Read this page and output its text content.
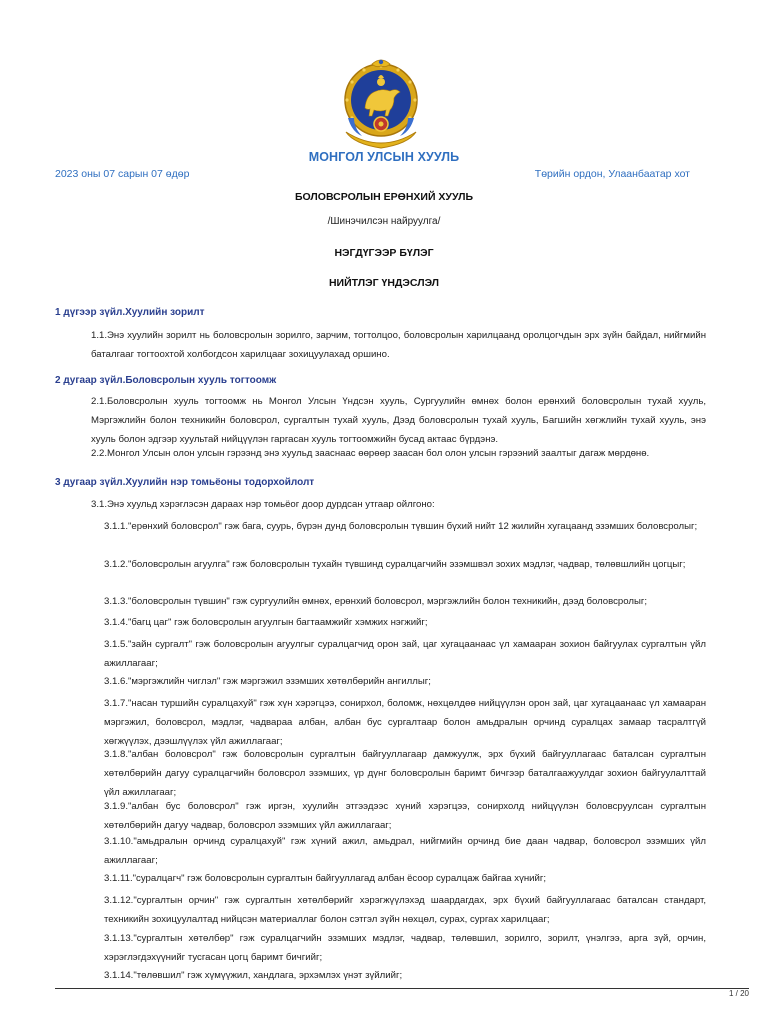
МОНГОЛ УЛСЫН ХУУЛЬ
2023 оны 07 сарын 07 өдөр	Төрийн ордон, Улаанбаатар хот
БОЛОВСРОЛЫН ЕРӨНХИЙ ХУУЛЬ
/Шинэчилсэн найруулга/
НЭГДҮГЭЭР БҮЛЭГ
НИЙТЛЭГ ҮНДЭСЛЭЛ
1 дүгээр зүйл.Хуулийн зорилт

1.1.Энэ хуулийн зорилт нь боловсролын зорилго, зарчим, тогтолцоо, боловсролын харилцаанд оролцогчдын эрх зүйн байдал, нийгмийн баталгааг тогтоохтой холбогдсон харилцааг зохицуулахад оршино.

2 дугаар зүйл.Боловсролын хууль тогтоомж

2.1.Боловсролын хууль тогтоомж нь Монгол Улсын Үндсэн хууль, Сургуулийн өмнөх болон ерөнхий боловсролын тухай хууль, Мэргэжлийн болон техникийн боловсрол, сургалтын тухай хууль, Дээд боловсролын тухай хууль, Багшийн хөгжлийн тухай хууль, энэ хууль болон эдгээр хуультай нийцүүлэн гаргасан хууль тогтоомжийн бусад актаас бүрдэнэ.

2.2.Монгол Улсын олон улсын гэрээнд энэ хуульд зааснаас өөрөөр заасан бол олон улсын гэрээний заалтыг дагаж мөрдөнө.

3 дугаар зүйл.Хуулийн нэр томьёоны тодорхойлолт

3.1.Энэ хуульд хэрэглэсэн дараах нэр томьёог доор дурдсан утгаар ойлгоно:

3.1.1."ерөнхий боловсрол" гэж бага, суурь, бүрэн дунд боловсролын түвшин бүхий нийт 12 жилийн хугацаанд эзэмших боловсролыг;

3.1.2."боловсролын агуулга" гэж боловсролын тухайн түвшинд суралцагчийн эзэмшвэл зохих мэдлэг, чадвар, төлөвшлийн цогцыг;

3.1.3."боловсролын түвшин" гэж сургуулийн өмнөх, ерөнхий боловсрол, мэргэжлийн болон техникийн, дээд боловсролыг;

3.1.4."багц цаг" гэж боловсролын агуулгын багтаамжийг хэмжих нэгжийг;

3.1.5."зайн сургалт" гэж боловсролын агуулгыг суралцагчид орон зай, цаг хугацаанаас үл хамааран зохион байгуулах сургалтын үйл ажиллагааг;

3.1.6."мэргэжлийн чиглэл" гэж мэргэжил эзэмших хөтөлбөрийн ангиллыг;

3.1.7."насан туршийн суралцахуй" гэж хүн хэрэгцээ, сонирхол, боломж, нөхцөлдөө нийцүүлэн орон зай, цаг хугацаанаас үл хамааран мэргэжил, боловсрол, мэдлэг, чадвараа албан, албан бус сургалтаар болон амьдралын орчинд суралцах замаар тасралтгүй хөгжүүлэх, дээшлүүлэх үйл ажиллагааг;

3.1.8."албан боловсрол" гэж боловсролын сургалтын байгууллагаар дамжуулж, эрх бүхий байгууллагаас баталсан сургалтын хөтөлбөрийн дагуу суралцагчийн боловсрол эзэмших, үр дүнг боловсролын баримт бичгээр баталгаажуулдаг зохион байгуулалттай үйл ажиллагааг;

3.1.9."албан бус боловсрол" гэж иргэн, хуулийн этгээдээс хүний хэрэгцээ, сонирхолд нийцүүлэн боловсруулсан сургалтын хөтөлбөрийн дагуу чадвар, боловсрол эзэмших үйл ажиллагааг;

3.1.10."амьдралын орчинд суралцахуй" гэж хүний ажил, амьдрал, нийгмийн орчинд бие даан чадвар, боловсрол эзэмших үйл ажиллагааг;

3.1.11."суралцагч" гэж боловсролын сургалтын байгууллагад албан ёсоор суралцаж байгаа хүнийг;

3.1.12."сургалтын орчин" гэж сургалтын хөтөлбөрийг хэрэгжүүлэхэд шаардагдах, эрх бүхий байгууллагаас баталсан стандарт, техникийн зохицуулалтад нийцсэн материаллаг болон сэтгэл зүйн нөхцөл, сурах, сургах харилцааг;

3.1.13."сургалтын хөтөлбөр" гэж суралцагчийн эзэмших мэдлэг, чадвар, төлөвшил, зорилго, зорилт, үнэлгээ, арга зүй, орчин, хэрэглэгдэхүүнийг тусгасан цогц баримт бичгийг;

3.1.14."төлөвшил" гэж хүмүүжил, хандлага, эрхэмлэх үнэт зүйлийг;

1 / 20
